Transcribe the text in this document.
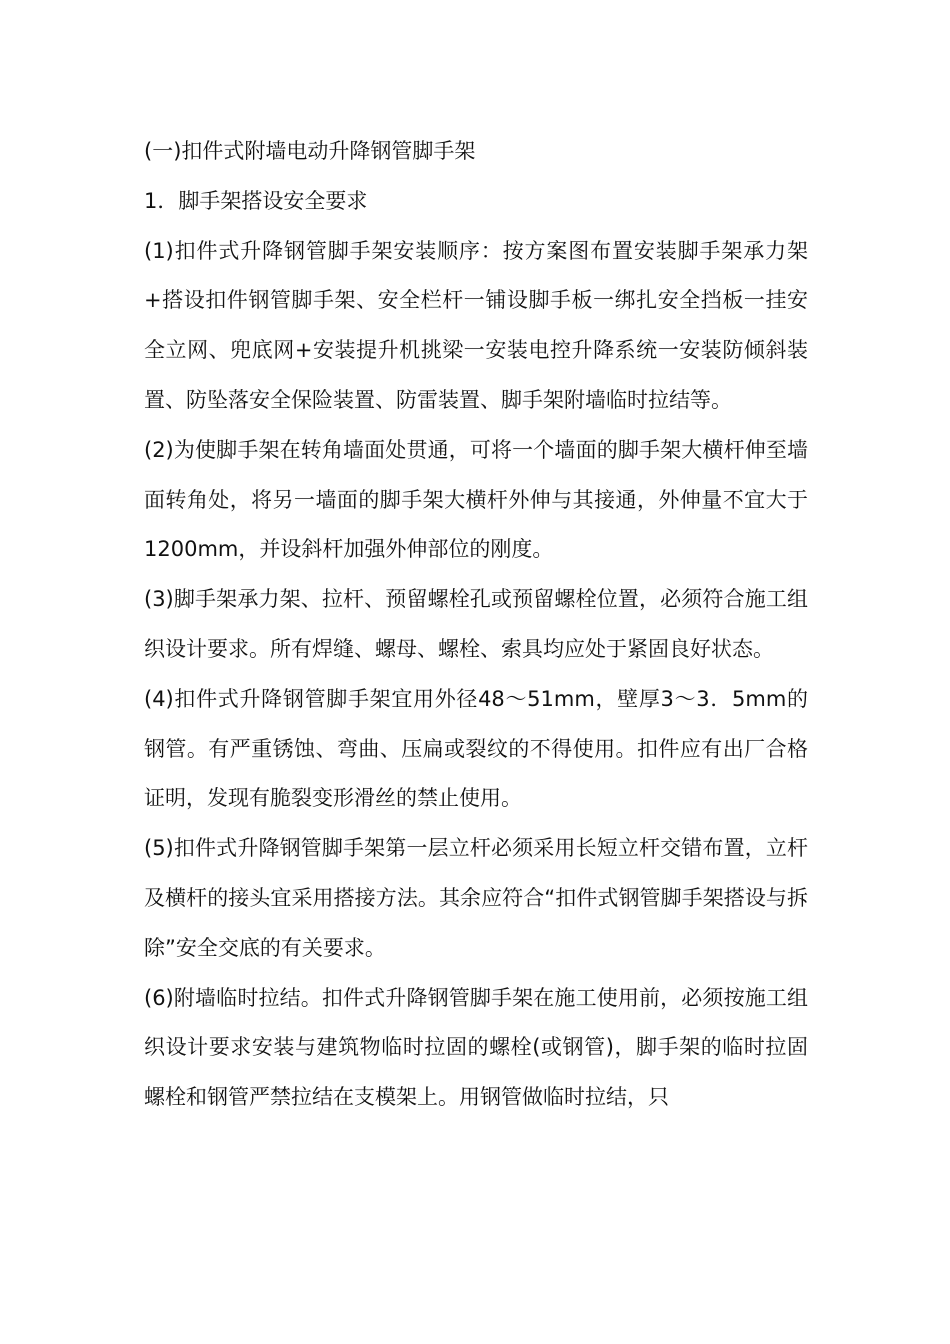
(一)扣件式附墙电动升降钢管脚手架

1．脚手架搭设安全要求

(1)扣件式升降钢管脚手架安装顺序：按方案图布置安装脚手架承力架+搭设扣件钢管脚手架、安全栏杆一铺设脚手板一绑扎安全挡板一挂安全立网、兜底网+安装提升机挑梁一安装电控升降系统一安装防倾斜装置、防坠落安全保险装置、防雷装置、脚手架附墙临时拉结等。

(2)为使脚手架在转角墙面处贯通，可将一个墙面的脚手架大横杆伸至墙面转角处，将另一墙面的脚手架大横杆外伸与其接通，外伸量不宜大于1200mm，并设斜杆加强外伸部位的刚度。

(3)脚手架承力架、拉杆、预留螺栓孔或预留螺栓位置，必须符合施工组织设计要求。所有焊缝、螺母、螺栓、索具均应处于紧固良好状态。

(4)扣件式升降钢管脚手架宜用外径48～51mm，壁厚3～3．5mm的钢管。有严重锈蚀、弯曲、压扁或裂纹的不得使用。扣件应有出厂合格证明，发现有脆裂变形滑丝的禁止使用。

(5)扣件式升降钢管脚手架第一层立杆必须采用长短立杆交错布置，立杆及横杆的接头宜采用搭接方法。其余应符合“扣件式钢管脚手架搭设与拆除”安全交底的有关要求。

(6)附墙临时拉结。扣件式升降钢管脚手架在施工使用前，必须按施工组织设计要求安装与建筑物临时拉固的螺栓(或钢管)，脚手架的临时拉固螺栓和钢管严禁拉结在支模架上。用钢管做临时拉结，只
